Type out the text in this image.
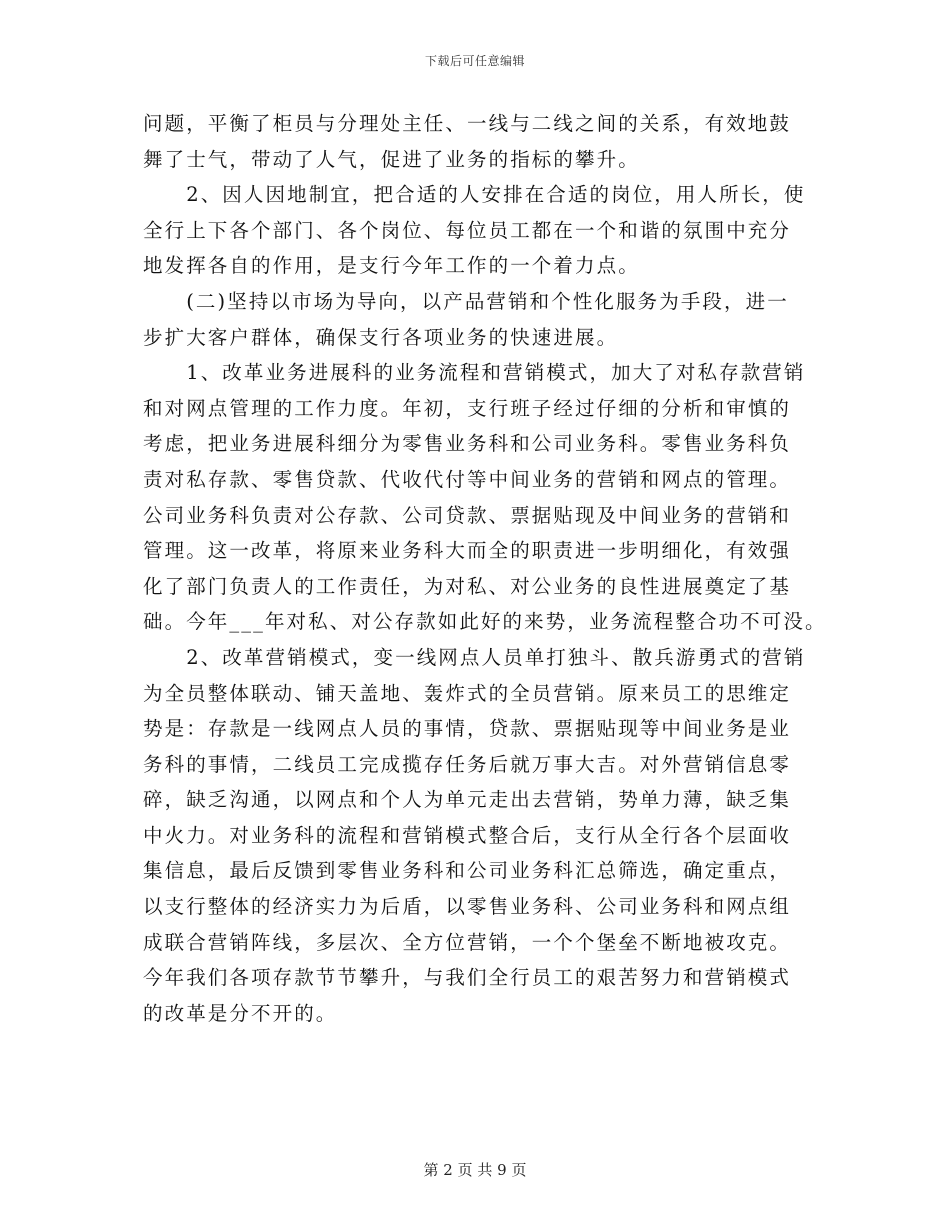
下载后可任意编辑
问题，平衡了柜员与分理处主任、一线与二线之间的关系，有效地鼓
舞了士气，带动了人气，促进了业务的指标的攀升。
　　2、因人因地制宜，把合适的人安排在合适的岗位，用人所长，使
全行上下各个部门、各个岗位、每位员工都在一个和谐的氛围中充分
地发挥各自的作用，是支行今年工作的一个着力点。
　　(二)坚持以市场为导向，以产品营销和个性化服务为手段，进一
步扩大客户群体，确保支行各项业务的快速进展。
　　1、改革业务进展科的业务流程和营销模式，加大了对私存款营销
和对网点管理的工作力度。年初，支行班子经过仔细的分析和审慎的
考虑，把业务进展科细分为零售业务科和公司业务科。零售业务科负
责对私存款、零售贷款、代收代付等中间业务的营销和网点的管理。
公司业务科负责对公存款、公司贷款、票据贴现及中间业务的营销和
管理。这一改革，将原来业务科大而全的职责进一步明细化，有效强
化了部门负责人的工作责任，为对私、对公业务的良性进展奠定了基
础。今年___年对私、对公存款如此好的来势，业务流程整合功不可没。
　　2、改革营销模式，变一线网点人员单打独斗、散兵游勇式的营销
为全员整体联动、铺天盖地、轰炸式的全员营销。原来员工的思维定
势是：存款是一线网点人员的事情，贷款、票据贴现等中间业务是业
务科的事情，二线员工完成揽存任务后就万事大吉。对外营销信息零
碎，缺乏沟通，以网点和个人为单元走出去营销，势单力薄，缺乏集
中火力。对业务科的流程和营销模式整合后，支行从全行各个层面收
集信息，最后反馈到零售业务科和公司业务科汇总筛选，确定重点，
以支行整体的经济实力为后盾，以零售业务科、公司业务科和网点组
成联合营销阵线，多层次、全方位营销，一个个堡垒不断地被攻克。
今年我们各项存款节节攀升，与我们全行员工的艰苦努力和营销模式
的改革是分不开的。
第 2 页 共 9 页
